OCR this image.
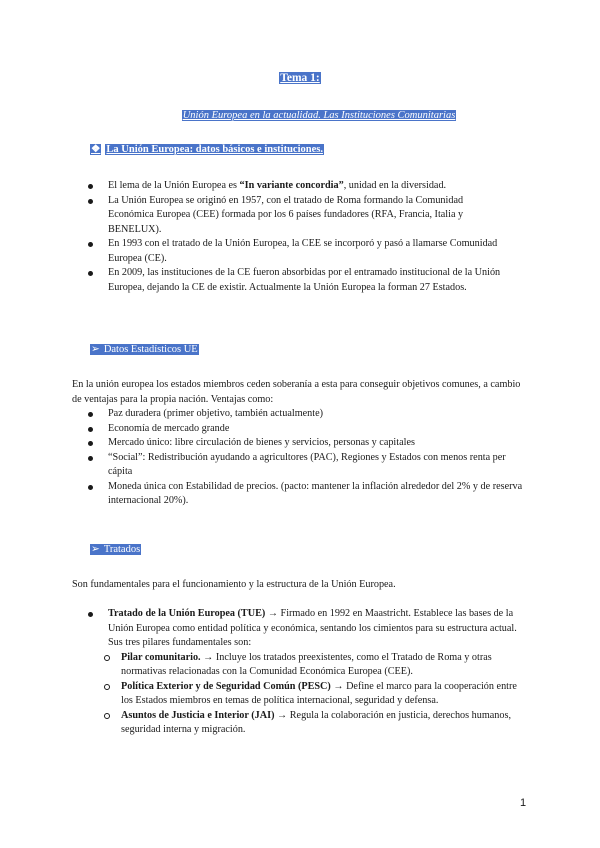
Tema 1:
Unión Europea en la actualidad. Las Instituciones Comunitarias
❖ La Unión Europea: datos básicos e instituciones.
El lema de la Unión Europea es “In variante concordia”, unidad en la diversidad.
La Unión Europea se originó en 1957, con el tratado de Roma formando la Comunidad Económica Europea (CEE) formada por los 6 países fundadores (RFA, Francia, Italia y BENELUX).
En 1993 con el tratado de la Unión Europea, la CEE se incorporó y pasó a llamarse Comunidad Europea (CE).
En 2009, las instituciones de la CE fueron absorbidas por el entramado institucional de la Unión Europea, dejando la CE de existir. Actualmente la Unión Europea la forman 27 Estados.
➢ Datos Estadísticos UE
En la unión europea los estados miembros ceden soberanía a esta para conseguir objetivos comunes, a cambio de ventajas para la propia nación. Ventajas como:
Paz duradera (primer objetivo, también actualmente)
Economía de mercado grande
Mercado único: libre circulación de bienes y servicios, personas y capitales
“Social”: Redistribución ayudando a agricultores (PAC), Regiones y Estados con menos renta per cápita
Moneda única con Estabilidad de precios. (pacto: mantener la inflación alrededor del 2% y de reserva internacional 20%).
➢ Tratados
Son fundamentales para el funcionamiento y la estructura de la Unión Europea.
Tratado de la Unión Europea (TUE) → Firmado en 1992 en Maastricht. Establece las bases de la Unión Europea como entidad política y económica, sentando los cimientos para su estructura actual. Sus tres pilares fundamentales son:
Pilar comunitario. → Incluye los tratados preexistentes, como el Tratado de Roma y otras normativas relacionadas con la Comunidad Económica Europea (CEE).
Política Exterior y de Seguridad Común (PESC) → Define el marco para la cooperación entre los Estados miembros en temas de política internacional, seguridad y defensa.
Asuntos de Justicia e Interior (JAI) → Regula la colaboración en justicia, derechos humanos, seguridad interna y migración.
1
